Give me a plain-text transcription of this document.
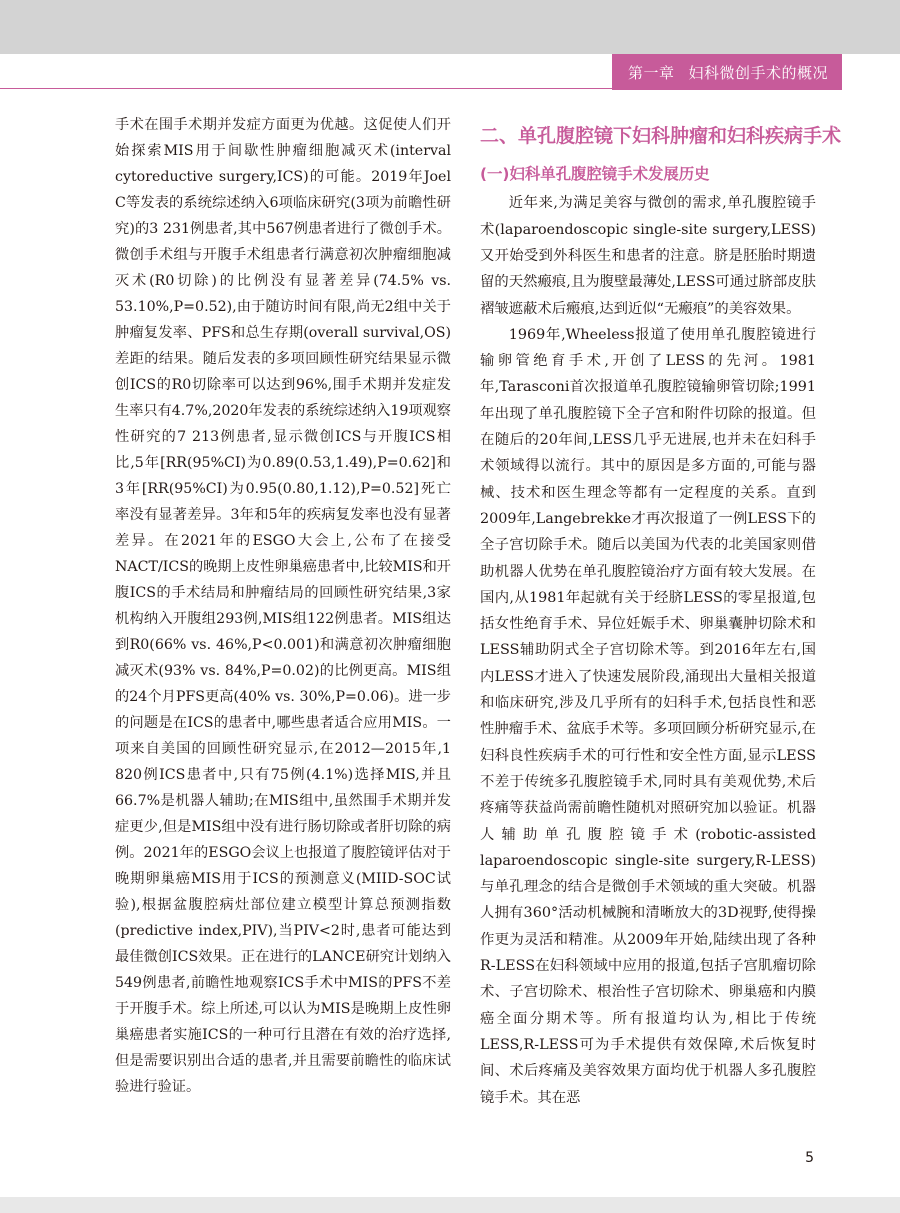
第一章 妇科微创手术的概况

手术在围手术期并发症方面更为优越。这促使人们开始探索MIS用于间歇性肿瘤细胞减灭术(interval cytoreductive surgery,ICS)的可能。2019年Joel C等发表的系统综述纳入6项临床研究(3项为前瞻性研究)的3 231例患者,其中567例患者进行了微创手术。微创手术组与开腹手术组患者行满意初次肿瘤细胞减灭术(R0切除)的比例没有显著差异(74.5% vs. 53.10%,P=0.52),由于随访时间有限,尚无2组中关于肿瘤复发率、PFS和总生存期(overall survival,OS)差距的结果。随后发表的多项回顾性研究结果显示微创ICS的R0切除率可以达到96%,围手术期并发症发生率只有4.7%,2020年发表的系统综述纳入19项观察性研究的7 213例患者,显示微创ICS与开腹ICS相比,5年[RR(95%CI)为0.89(0.53,1.49),P=0.62]和3年[RR(95%CI)为0.95(0.80,1.12),P=0.52]死亡率没有显著差异。3年和5年的疾病复发率也没有显著差异。在2021年的ESGO大会上,公布了在接受NACT/ICS的晚期上皮性卵巢癌患者中,比较MIS和开腹ICS的手术结局和肿瘤结局的回顾性研究结果,3家机构纳入开腹组293例,MIS组122例患者。MIS组达到R0(66% vs. 46%,P<0.001)和满意初次肿瘤细胞减灭术(93% vs. 84%,P=0.02)的比例更高。MIS组的24个月PFS更高(40% vs. 30%,P=0.06)。进一步的问题是在ICS的患者中,哪些患者适合应用MIS。一项来自美国的回顾性研究显示,在2012—2015年,1 820例ICS患者中,只有75例(4.1%)选择MIS,并且66.7%是机器人辅助;在MIS组中,虽然围手术期并发症更少,但是MIS组中没有进行肠切除或者肝切除的病例。2021年的ESGO会议上也报道了腹腔镜评估对于晚期卵巢癌MIS用于ICS的预测意义(MIID-SOC试验),根据盆腹腔病灶部位建立模型计算总预测指数(predictive index,PIV),当PIV<2时,患者可能达到最佳微创ICS效果。正在进行的LANCE研究计划纳入549例患者,前瞻性地观察ICS手术中MIS的PFS不差于开腹手术。综上所述,可以认为MIS是晚期上皮性卵巢癌患者实施ICS的一种可行且潜在有效的治疗选择,但是需要识别出合适的患者,并且需要前瞻性的临床试验进行验证。

二、单孔腹腔镜下妇科肿瘤和妇科疾病手术
(一)妇科单孔腹腔镜手术发展历史

近年来,为满足美容与微创的需求,单孔腹腔镜手术(laparoendoscopic single-site surgery,LESS)又开始受到外科医生和患者的注意。脐是胚胎时期遗留的天然瘢痕,且为腹壁最薄处,LESS可通过脐部皮肤褶皱遮蔽术后瘢痕,达到近似“无瘢痕”的美容效果。

1969年,Wheeless报道了使用单孔腹腔镜进行输卵管绝育手术,开创了LESS的先河。1981年,Tarasconi首次报道单孔腹腔镜输卵管切除;1991年出现了单孔腹腔镜下全子宫和附件切除的报道。但在随后的20年间,LESS几乎无进展,也并未在妇科手术领域得以流行。其中的原因是多方面的,可能与器械、技术和医生理念等都有一定程度的关系。直到2009年,Langebrekke才再次报道了一例LESS下的全子宫切除手术。随后以美国为代表的北美国家则借助机器人优势在单孔腹腔镜治疗方面有较大发展。在国内,从1981年起就有关于经脐LESS的零星报道,包括女性绝育手术、异位妊娠手术、卵巢囊肿切除术和LESS辅助阴式全子宫切除术等。到2016年左右,国内LESS才进入了快速发展阶段,涌现出大量相关报道和临床研究,涉及几乎所有的妇科手术,包括良性和恶性肿瘤手术、盆底手术等。多项回顾分析研究显示,在妇科良性疾病手术的可行性和安全性方面,显示LESS不差于传统多孔腹腔镜手术,同时具有美观优势,术后疼痛等获益尚需前瞻性随机对照研究加以验证。机器人辅助单孔腹腔镜手术(robotic-assisted laparoendoscopic single-site surgery,R-LESS)与单孔理念的结合是微创手术领域的重大突破。机器人拥有360°活动机械腕和清晰放大的3D视野,使得操作更为灵活和精准。从2009年开始,陆续出现了各种R-LESS在妇科领域中应用的报道,包括子宫肌瘤切除术、子宫切除术、根治性子宫切除术、卵巢癌和内膜癌全面分期术等。所有报道均认为,相比于传统LESS,R-LESS可为手术提供有效保障,术后恢复时间、术后疼痛及美容效果方面均优于机器人多孔腹腔镜手术。其在恶

5
